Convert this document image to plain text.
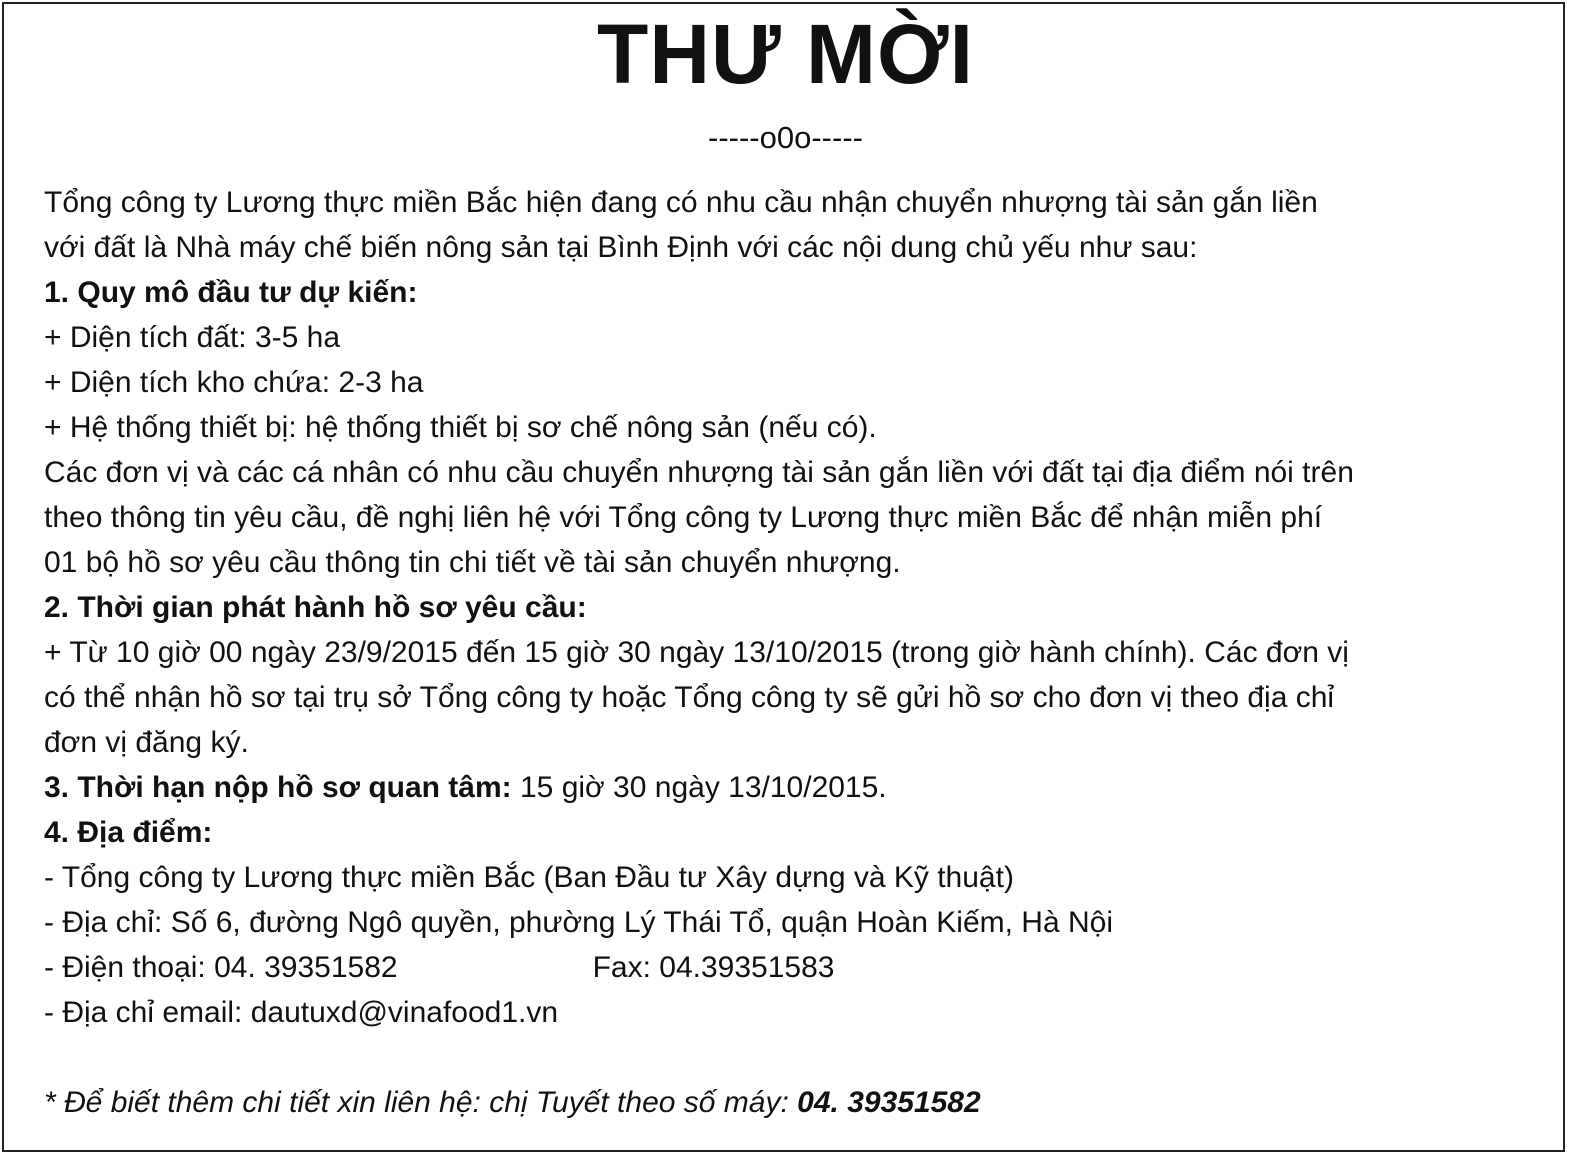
THƯ MỜI
-----o0o-----
Tổng công ty Lương thực miền Bắc hiện đang có nhu cầu nhận chuyển nhượng tài sản gắn liền
với đất là Nhà máy chế biến nông sản tại Bình Định với các nội dung chủ yếu như sau:
1. Quy mô đầu tư dự kiến:
+ Diện tích đất: 3-5 ha
+ Diện tích kho chứa: 2-3 ha
+ Hệ thống thiết bị: hệ thống thiết bị sơ chế nông sản (nếu có).
Các đơn vị và các cá nhân có nhu cầu chuyển nhượng tài sản gắn liền với đất tại địa điểm nói trên
theo thông tin yêu cầu, đề nghị liên hệ với Tổng công ty Lương thực miền Bắc để nhận miễn phí
01 bộ hồ sơ yêu cầu thông tin chi tiết về tài sản chuyển nhượng.
2. Thời gian phát hành hồ sơ yêu cầu:
+ Từ 10 giờ 00 ngày 23/9/2015 đến 15 giờ 30 ngày 13/10/2015 (trong giờ hành chính). Các đơn vị
có thể nhận hồ sơ tại trụ sở Tổng công ty hoặc Tổng công ty sẽ gửi hồ sơ cho đơn vị theo địa chỉ
đơn vị đăng ký.
3. Thời hạn nộp hồ sơ quan tâm: 15 giờ 30 ngày 13/10/2015.
4. Địa điểm:
- Tổng công ty Lương thực miền Bắc (Ban Đầu tư Xây dựng và Kỹ thuật)
- Địa chỉ: Số 6, đường Ngô quyền, phường Lý Thái Tổ, quận Hoàn Kiếm, Hà Nội
- Điện thoại: 04. 39351582	Fax: 04.39351583
- Địa chỉ email: dautuxd@vinafood1.vn
* Để biết thêm chi tiết xin liên hệ: chị Tuyết theo số máy: 04. 39351582
